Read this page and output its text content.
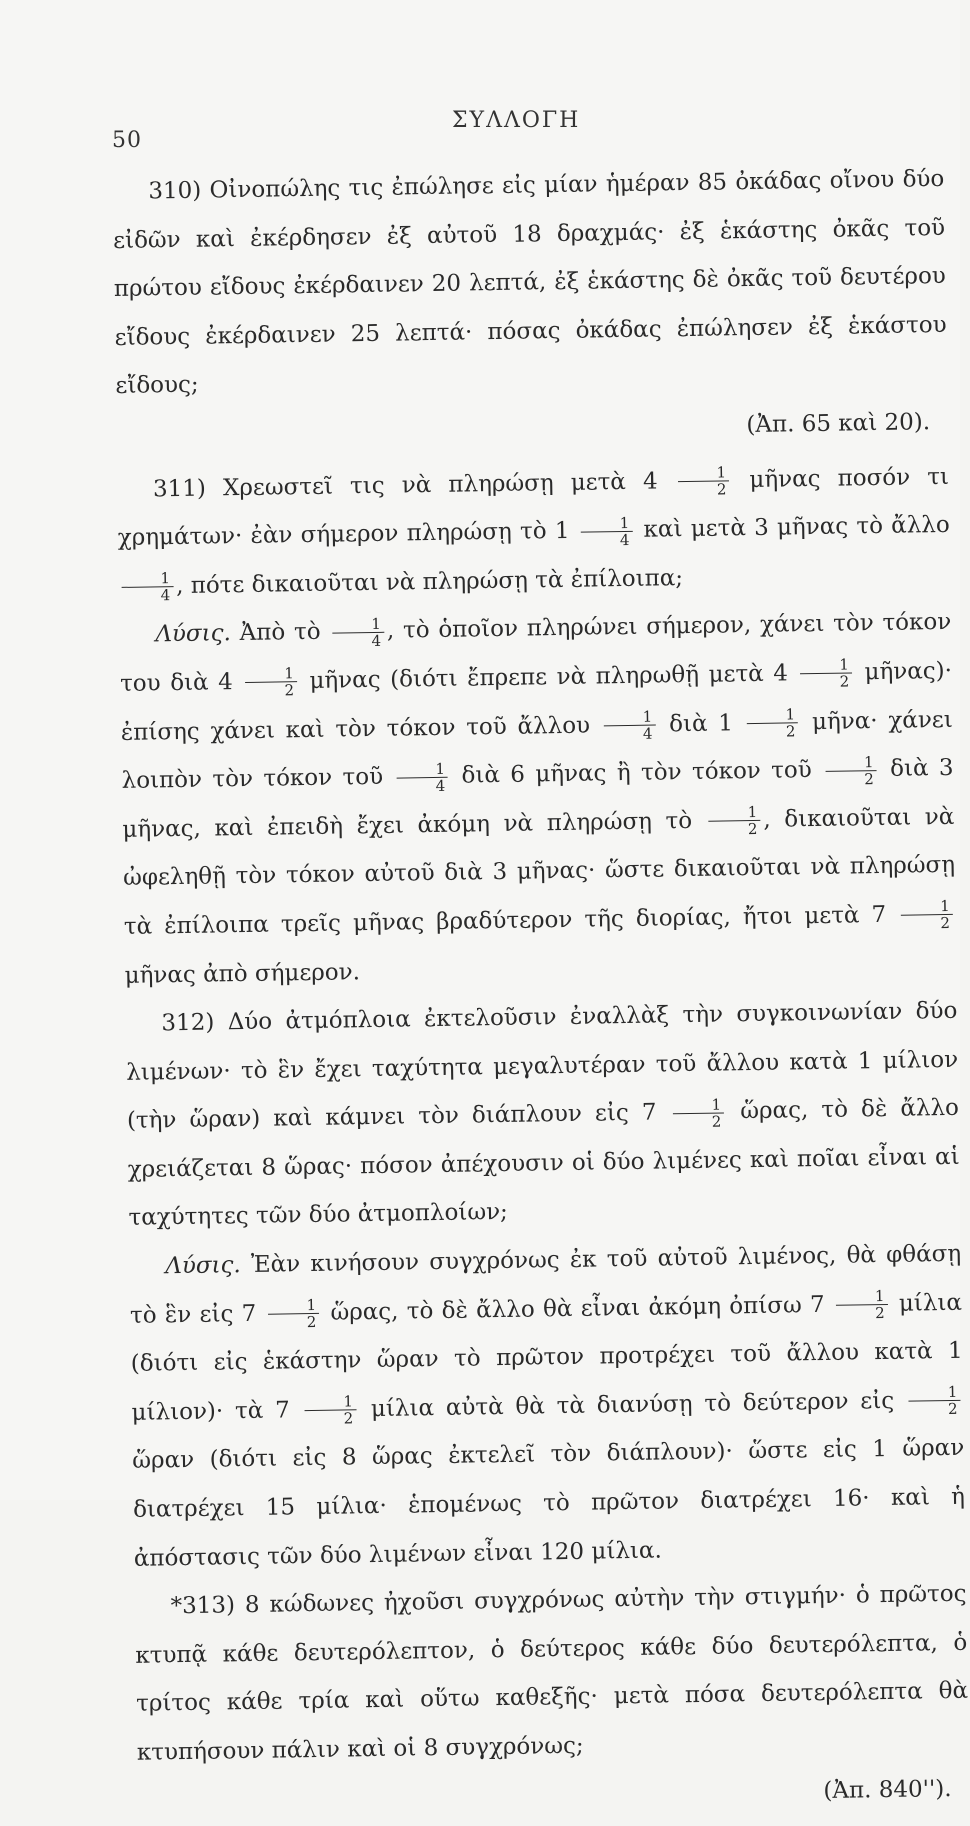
50
ΣΥΛΛΟΓΗ

310) Οἰνοπώλης τις ἐπώλησε εἰς μίαν ἡμέραν 85 ὀκάδας οἴνου δύο εἰδῶν καὶ ἐκέρδησεν ἐξ αὐτοῦ 18 δραχμάς· ἐξ ἑκάστης ὀκᾶς τοῦ πρώτου εἴδους ἐκέρδαινεν 20 λεπτά, ἐξ ἑκάστης δὲ ὀκᾶς τοῦ δευτέρου εἴδους ἐκέρδαινεν 25 λεπτά· πόσας ὀκάδας ἐπώλησεν ἐξ ἑκάστου εἴδους;
(Ἀπ. 65 καὶ 20).

311) Χρεωστεῖ τις νὰ πληρώσῃ μετὰ $4 \frac{1}{2}$ μῆνας ποσόν τι χρημάτων· ἐὰν σήμερον πληρώσῃ τὸ $1 \frac{1}{4}$ καὶ μετὰ 3 μῆνας τὸ ἄλλο
$\frac{1}{4}$ , πότε δικαιοῦται νὰ πληρώσῃ τὰ ἐπίλοιπα;

Λύσις. Ἀπὸ τὸ $\frac{1}{4}$ , τὸ ὁποῖον πληρώνει σήμερον, χάνει τὸν τόκον του διὰ $4 \frac{1}{2}$ μῆνας (διότι ἔπρεπε νὰ πληρωθῇ μετὰ $4 \frac{1}{2}$ μῆνας)· ἐπίσης χάνει καὶ τὸν τόκον τοῦ ἄλλου $\frac{1}{4}$ διὰ $1 \frac{1}{2}$ μῆνα· χάνει λοιπὸν τὸν τόκον τοῦ $\frac{1}{4}$ διὰ 6 μῆνας ἢ τὸν τόκον τοῦ $\frac{1}{2}$ διὰ 3 μῆνας, καὶ ἐπειδὴ ἔχει ἀκόμη νὰ πληρώσῃ τὸ $\frac{1}{2}$ , δικαιοῦται νὰ ὠφεληθῇ τὸν τόκον αὐτοῦ διὰ 3 μῆνας· ὥστε δικαιοῦται νὰ πληρώσῃ τὰ ἐπίλοιπα τρεῖς μῆνας βραδύτερον τῆς διορίας, ἤτοι μετὰ $7 \frac{1}{2}$
μῆνας ἀπὸ σήμερον.

312) Δύο ἀτμόπλοια ἐκτελοῦσιν ἐναλλὰξ τὴν συγκοινωνίαν δύο λιμένων· τὸ ἓν ἔχει ταχύτητα μεγαλυτέραν τοῦ ἄλλου κατὰ 1 μίλιον (τὴν ὥραν) καὶ κάμνει τὸν διάπλουν εἰς $7 \frac{1}{2}$ ὥρας, τὸ δὲ ἄλλο χρειάζεται 8 ὥρας· πόσον ἀπέχουσιν οἱ δύο λιμένες καὶ ποῖαι εἶναι αἱ ταχύτητες τῶν δύο ἀτμοπλοίων;

Λύσις. Ἐὰν κινήσουν συγχρόνως ἐκ τοῦ αὐτοῦ λιμένος, θὰ φθάσῃ τὸ ἓν εἰς $7 \frac{1}{2}$ ὥρας, τὸ δὲ ἄλλο θὰ εἶναι ἀκόμη ὀπίσω $7 \frac{1}{2}$ μίλια (διότι εἰς ἑκάστην ὥραν τὸ πρῶτον προτρέχει τοῦ ἄλλου κατὰ 1 μίλιον)· τὰ $7 \frac{1}{2}$ μίλια αὐτὰ θὰ τὰ διανύσῃ τὸ δεύτερον εἰς $\frac{1}{2}$
ὥραν (διότι εἰς 8 ὥρας ἐκτελεῖ τὸν διάπλουν)· ὥστε εἰς 1 ὥραν διατρέχει 15 μίλια· ἑπομένως τὸ πρῶτον διατρέχει 16· καὶ ἡ ἀπόστασις τῶν δύο λιμένων εἶναι 120 μίλια.

*313) 8 κώδωνες ἠχοῦσι συγχρόνως αὐτὴν τὴν στιγμήν· ὁ πρῶτος κτυπᾷ κάθε δευτερόλεπτον, ὁ δεύτερος κάθε δύο δευτερόλεπτα, ὁ τρίτος κάθε τρία καὶ οὕτω καθεξῆς· μετὰ πόσα δευτερόλεπτα θὰ κτυπήσουν πάλιν καὶ οἱ 8 συγχρόνως;
(Ἀπ. 840'').
